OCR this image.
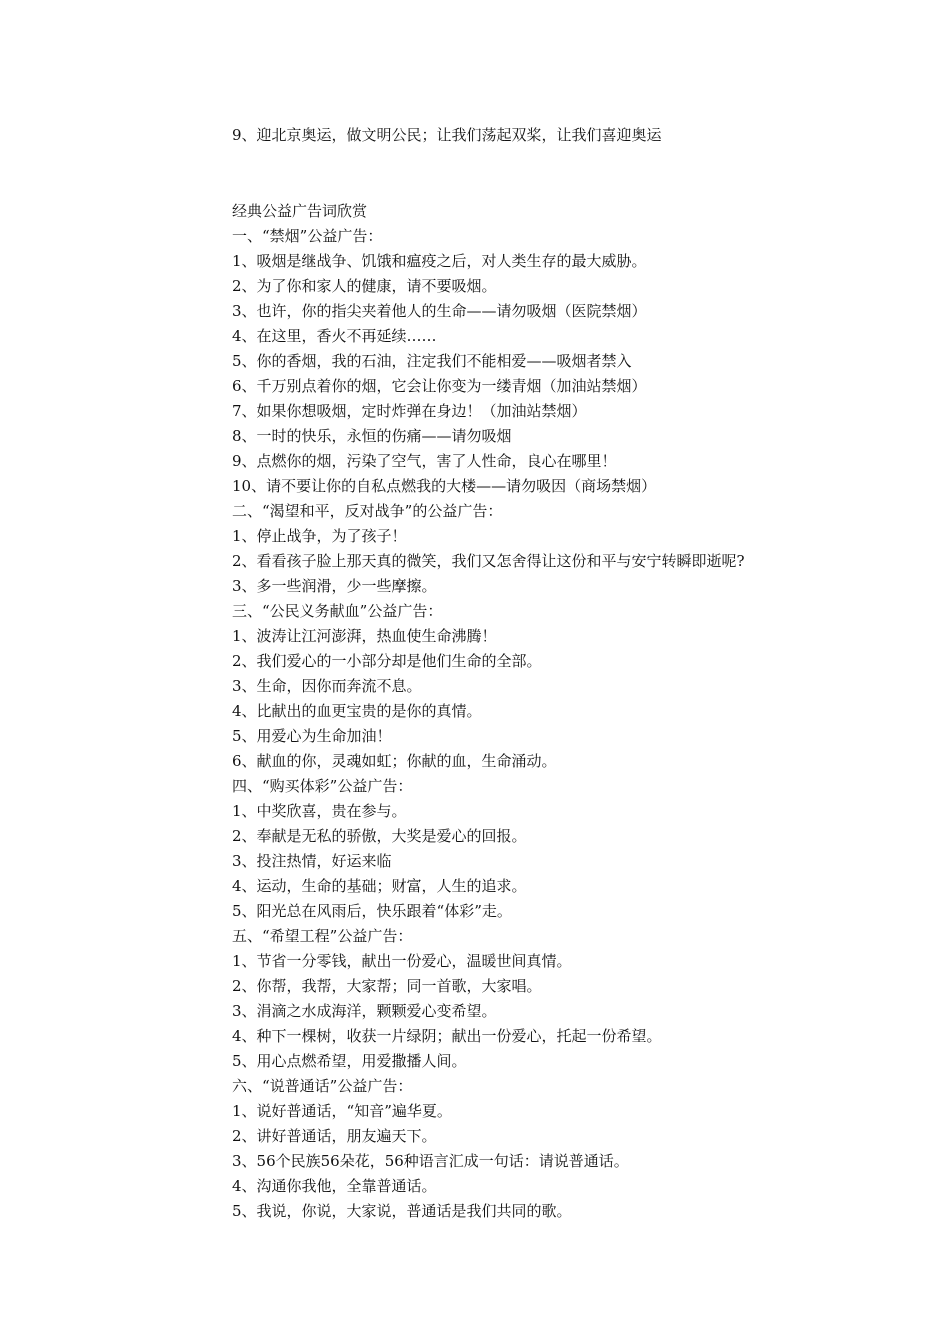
9、迎北京奥运，做文明公民；让我们荡起双桨，让我们喜迎奥运
经典公益广告词欣赏
一、“禁烟”公益广告：
1、吸烟是继战争、饥饿和瘟疫之后，对人类生存的最大威胁。
2、为了你和家人的健康，请不要吸烟。
3、也许，你的指尖夹着他人的生命——请勿吸烟（医院禁烟）
4、在这里，香火不再延续……
5、你的香烟，我的石油，注定我们不能相爱——吸烟者禁入
6、千万别点着你的烟，它会让你变为一缕青烟（加油站禁烟）
7、如果你想吸烟，定时炸弹在身边！（加油站禁烟）
8、一时的快乐，永恒的伤痛——请勿吸烟
9、点燃你的烟，污染了空气，害了人性命，良心在哪里！
10、请不要让你的自私点燃我的大楼——请勿吸因（商场禁烟）
二、“渴望和平，反对战争”的公益广告：
1、停止战争，为了孩子！
2、看看孩子脸上那天真的微笑，我们又怎舍得让这份和平与安宁转瞬即逝呢?
3、多一些润滑，少一些摩擦。
三、“公民义务献血”公益广告：
1、波涛让江河澎湃，热血使生命沸腾！
2、我们爱心的一小部分却是他们生命的全部。
3、生命，因你而奔流不息。
4、比献出的血更宝贵的是你的真情。
5、用爱心为生命加油！
6、献血的你，灵魂如虹；你献的血，生命涌动。
四、“购买体彩”公益广告：
1、中奖欣喜，贵在参与。
2、奉献是无私的骄傲，大奖是爱心的回报。
3、投注热情，好运来临
4、运动，生命的基础；财富，人生的追求。
5、阳光总在风雨后，快乐跟着“体彩”走。
五、“希望工程”公益广告：
1、节省一分零钱，献出一份爱心，温暖世间真情。
2、你帮，我帮，大家帮；同一首歌，大家唱。
3、涓滴之水成海洋，颗颗爱心变希望。
4、种下一棵树，收获一片绿阴；献出一份爱心，托起一份希望。
5、用心点燃希望，用爱撒播人间。
六、“说普通话”公益广告：
1、说好普通话，“知音”遍华夏。
2、讲好普通话，朋友遍天下。
3、56个民族56朵花，56种语言汇成一句话：请说普通话。
4、沟通你我他，全靠普通话。
5、我说，你说，大家说，普通话是我们共同的歌。
